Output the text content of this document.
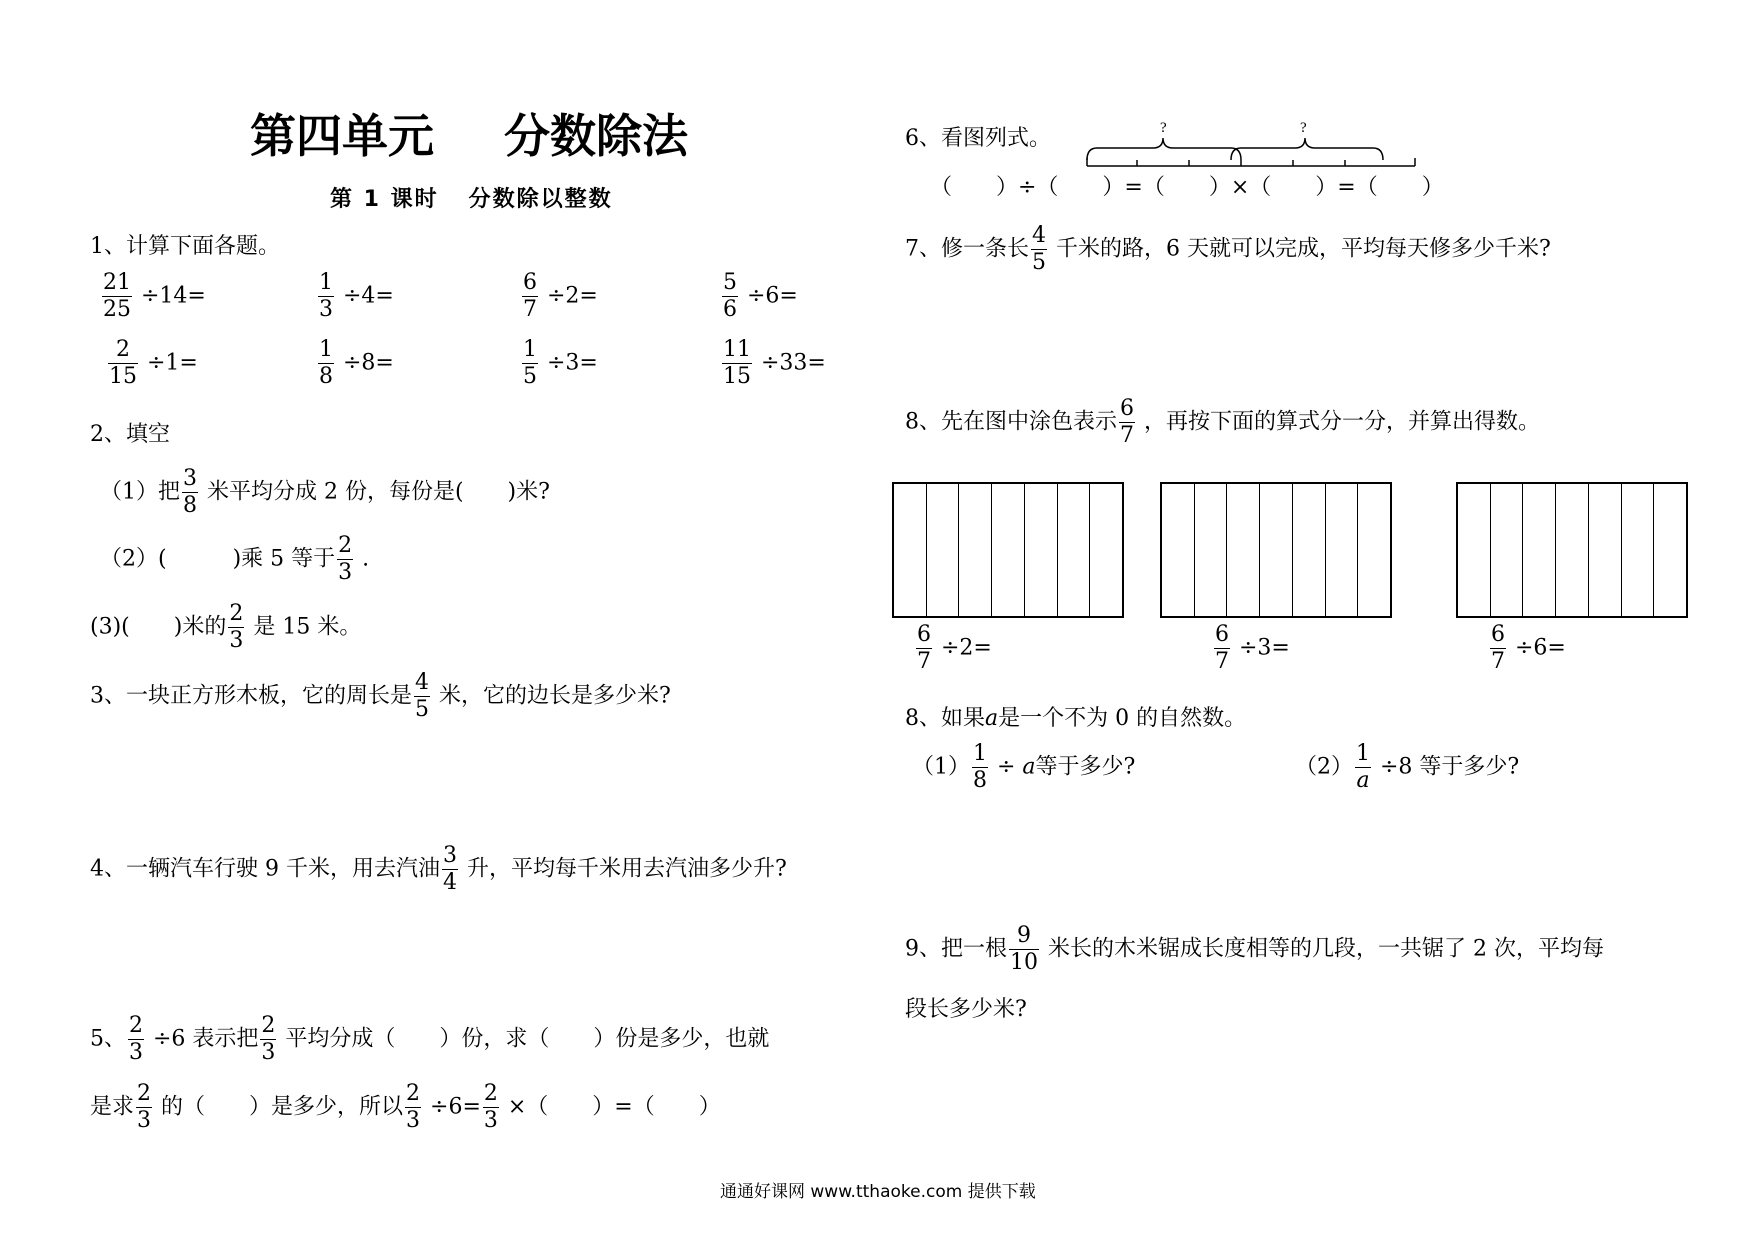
第四单元 分数除法
第 1 课时 分数除以整数
1、计算下面各题。
$\frac{21}{25} \div 14=$	$\frac{1}{3} \div 4=$	$\frac{6}{7} \div 2=$	$\frac{5}{6} \div 6=$
$\frac{2}{15} \div 1=$	$\frac{1}{8} \div 8=$	$\frac{1}{5} \div 3=$	$\frac{11}{15} \div 33=$
2、填空
（1）把 $\frac{3}{8}$ 米平均分成 2 份，每份是(　　)米?
（2）(　　　)乘 5 等于 $\frac{2}{3}$ .
(3)(　　)米的 $\frac{2}{3}$ 是 15 米。
3、一块正方形木板，它的周长是 $\frac{4}{5}$ 米，它的边长是多少米?
4、一辆汽车行驶 9 千米，用去汽油 $\frac{3}{4}$ 升，平均每千米用去汽油多少升?
5、 $\frac{2}{3} \div 6$ 表示把 $\frac{2}{3}$ 平均分成（　　）份，求（　　）份是多少，也就
是求 $\frac{2}{3}$ 的（　　）是多少，所以 $\frac{2}{3} \div 6= \frac{2}{3}$ ×（　　）=（　　）
6、看图列式。	?	?
（　　）÷（　　）=（　　）×（　　）=（　　）
7、修一条长 $\frac{4}{5}$ 千米的路，6 天就可以完成，平均每天修多少千米?
8、先在图中涂色表示 $\frac{6}{7}$ ，再按下面的算式分一分，并算出得数。
$\frac{6}{7} \div 2=$	$\frac{6}{7} \div 3=$	$\frac{6}{7} \div 6=$
8、如果a是一个不为 0 的自然数。
$(1) \frac{1}{8} \div a$等于多少?	$(2) \frac{1}{a} \div 8$ 等于多少?
9、把一根 $\frac{9}{10}$ 米长的木米锯成长度相等的几段，一共锯了 2 次，平均每
段长多少米?
通通好课网 www.tthaoke.com 提供下载
